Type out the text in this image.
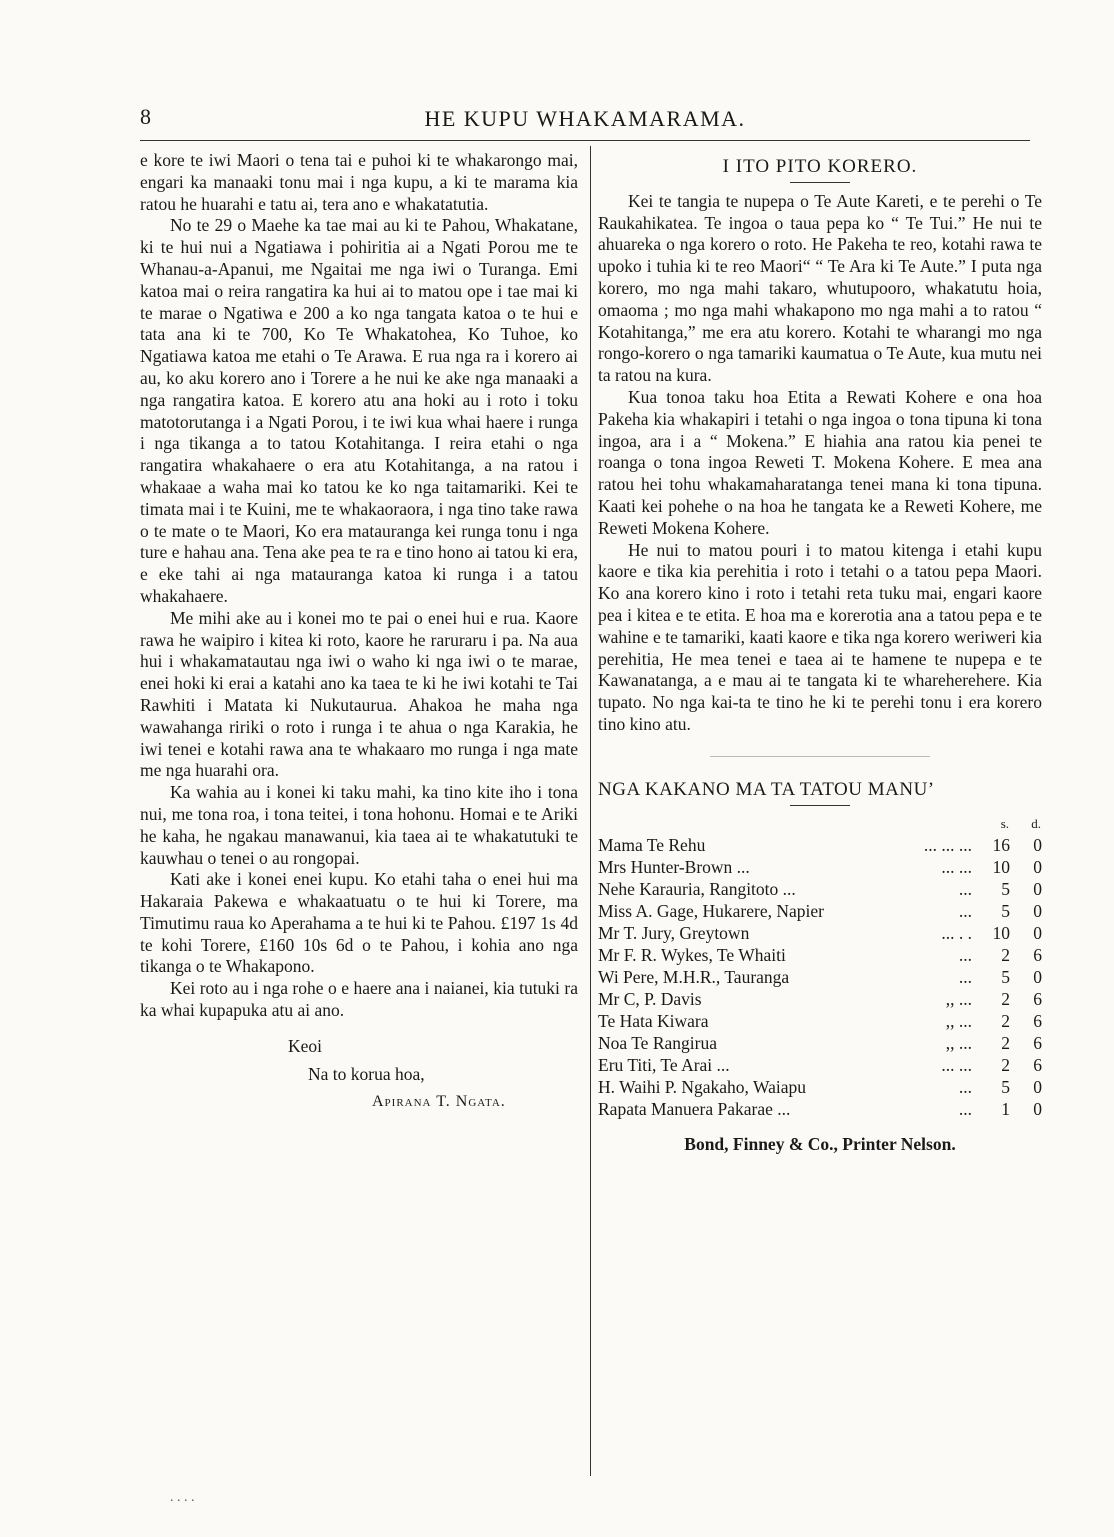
8	HE KUPU WHAKAMARAMA.

e kore te iwi Maori o tena tai e puhoi ki te whakarongo mai, engari ka manaaki tonu mai i nga kupu, a ki te marama kia ratou he huarahi e tatu ai, tera ano e whakatatutia.

No te 29 o Maehe ka tae mai au ki te Pahou, Whakatane, ki te hui nui a Ngatiawa i pohiritia ai a Ngati Porou me te Whanau-a-Apanui, me Ngaitai me nga iwi o Turanga. Emi katoa mai o reira rangatira ka hui ai to matou ope i tae mai ki te marae o Ngatiwa e 200 a ko nga tangata katoa o te hui e tata ana ki te 700, Ko Te Whakatohea, Ko Tuhoe, ko Ngatiawa katoa me etahi o Te Arawa. E rua nga ra i korero ai au, ko aku korero ano i Torere a he nui ke ake nga manaaki a nga rangatira katoa. E korero atu ana hoki au i roto i toku matotorutanga i a Ngati Porou, i te iwi kua whai haere i runga i nga tikanga a to tatou Kotahitanga. I reira etahi o nga rangatira whakahaere o era atu Kotahitanga, a na ratou i whakaae a waha mai ko tatou ke ko nga taitamariki. Kei te timata mai i te Kuini, me te whakaoraora, i nga tino take rawa o te mate o te Maori, Ko era matauranga kei runga tonu i nga ture e hahau ana. Tena ake pea te ra e tino hono ai tatou ki era, e eke tahi ai nga matauranga katoa ki runga i a tatou whakahaere.

Me mihi ake au i konei mo te pai o enei hui e rua. Kaore rawa he waipiro i kitea ki roto, kaore he raruraru i pa. Na aua hui i whakamatautau nga iwi o waho ki nga iwi o te marae, enei hoki ki erai a katahi ano ka taea te ki he iwi kotahi te Tai Rawhiti i Matata ki Nukutaurua. Ahakoa he maha nga wawahanga ririki o roto i runga i te ahua o nga Karakia, he iwi tenei e kotahi rawa ana te whakaaro mo runga i nga mate me nga huarahi ora.

Ka wahia au i konei ki taku mahi, ka tino kite iho i tona nui, me tona roa, i tona teitei, i tona hohonu. Homai e te Ariki he kaha, he ngakau manawanui, kia taea ai te whakatutuki te kauwhau o tenei o au rongopai.

Kati ake i konei enei kupu. Ko etahi taha o enei hui ma Hakaraia Pakewa e whakaatuatu o te hui ki Torere, ma Timutimu raua ko Aperahama a te hui ki te Pahou. £197 1s 4d te kohi Torere, £160 10s 6d o te Pahou, i kohia ano nga tikanga o te Whakapono.

Kei roto au i nga rohe o e haere ana i naianei, kia tutuki ra ka whai kupapuka atu ai ano.

Keoi
Na to korua hoa,
Apirana T. Ngata.
I ITO PITO KORERO.

Kei te tangia te nupepa o Te Aute Kareti, e te perehi o Te Raukahikatea. Te ingoa o taua pepa ko “ Te Tui.” He nui te ahuareka o nga korero o roto. He Pakeha te reo, kotahi rawa te upoko i tuhia ki te reo Maori“ “ Te Ara ki Te Aute.” I puta nga korero, mo nga mahi takaro, whutupooro, whakatutu hoia, omaoma ; mo nga mahi whakapono mo nga mahi a to ratou “ Kotahitanga,” me era atu korero. Kotahi te wharangi mo nga rongo-korero o nga tamariki kaumatua o Te Aute, kua mutu nei ta ratou na kura.

Kua tonoa taku hoa Etita a Rewati Kohere e ona hoa Pakeha kia whakapiri i tetahi o nga ingoa o tona tipuna ki tona ingoa, ara i a “ Mokena.” E hiahia ana ratou kia penei te roanga o tona ingoa Reweti T. Mokena Kohere. E mea ana ratou hei tohu whakamaharatanga tenei mana ki tona tipuna. Kaati kei pohehe o na hoa he tangata ke a Reweti Kohere, me Reweti Mokena Kohere.

He nui to matou pouri i to matou kitenga i etahi kupu kaore e tika kia perehitia i roto i tetahi o a tatou pepa Maori. Ko ana korero kino i roto i tetahi reta tuku mai, engari kaore pea i kitea e te etita. E hoa ma e korerotia ana a tatou pepa e te wahine e te tamariki, kaati kaore e tika nga korero weriweri kia perehitia, He mea tenei e taea ai te hamene te nupepa e te Kawanatanga, a e mau ai te tangata ki te whareherehere. Kia tupato. No nga kai-ta te tino he ki te perehi tonu i era korero tino kino atu.

NGA KAKANO MA TA TATOU MANU’
		s.	d.
Mama Te Rehu	... ... ...	16	0
Mrs Hunter-Brown ...	... ...	10	0
Nehe Karauria, Rangitoto ...	...	5	0
Miss A. Gage, Hukarere, Napier	...	5	0
Mr T. Jury, Greytown	... . .	10	0
Mr F. R. Wykes, Te Whaiti	...	2	6
Wi Pere, M.H.R., Tauranga	...	5	0
Mr C, P. Davis	,, ...	2	6
Te Hata Kiwara	,, ...	2	6
Noa Te Rangirua	,, ...	2	6
Eru Titi, Te Arai ...	... ...	2	6
H. Waihi P. Ngakaho, Waiapu	...	5	0
Rapata Manuera Pakarae ...	...	1	0
Bond, Finney & Co., Printer Nelson.
. . . .
